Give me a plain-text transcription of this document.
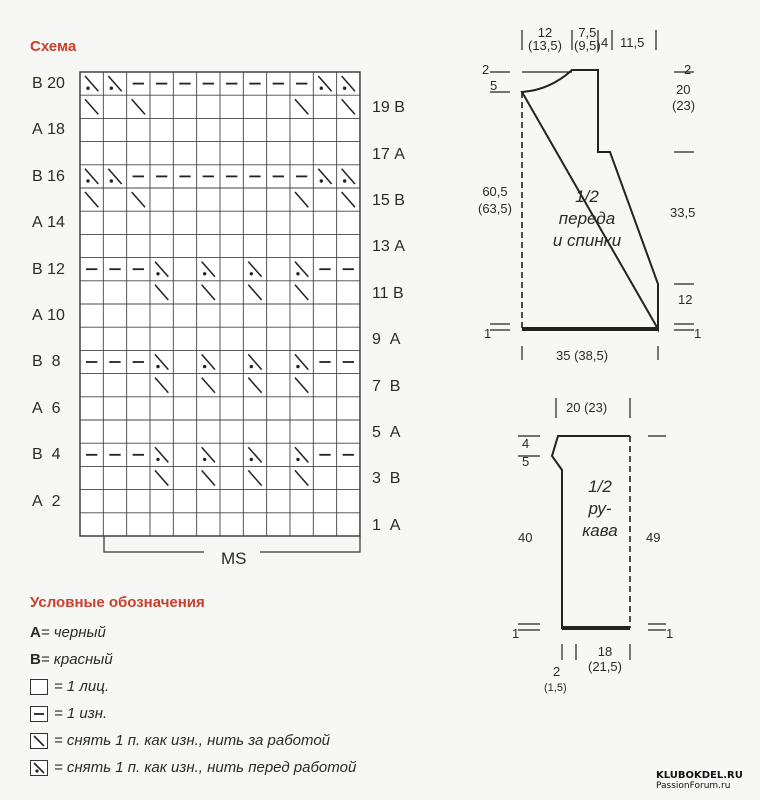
Схема
В 20
А 18
В 16
А 14
В 12
А 10
В  8
А  6
В  4
А  2
19 В
17 А
15 В
13 А
11 В
9  А
7  В
5  А
3  В
1  А
MS
Условные обозначения
А = черный
В = красный
= 1 лиц.
= 1 изн.
= снять 1 п. как изн., нить за работой
= снять 1 п. как изн., нить перед работой
12
(13,5)
7,5
(9,5) 4 11,5
2
5
2
20
(23)
60,5
(63,5)	33,5
12
1	1
35 (38,5)
1/2
переда
и спинки
20 (23)
4
5
40	49
1	1
18
(21,5)
2
(1,5)
1/2
ру-
кава
KLUBOKDEL.RU
PassionForum.ru
